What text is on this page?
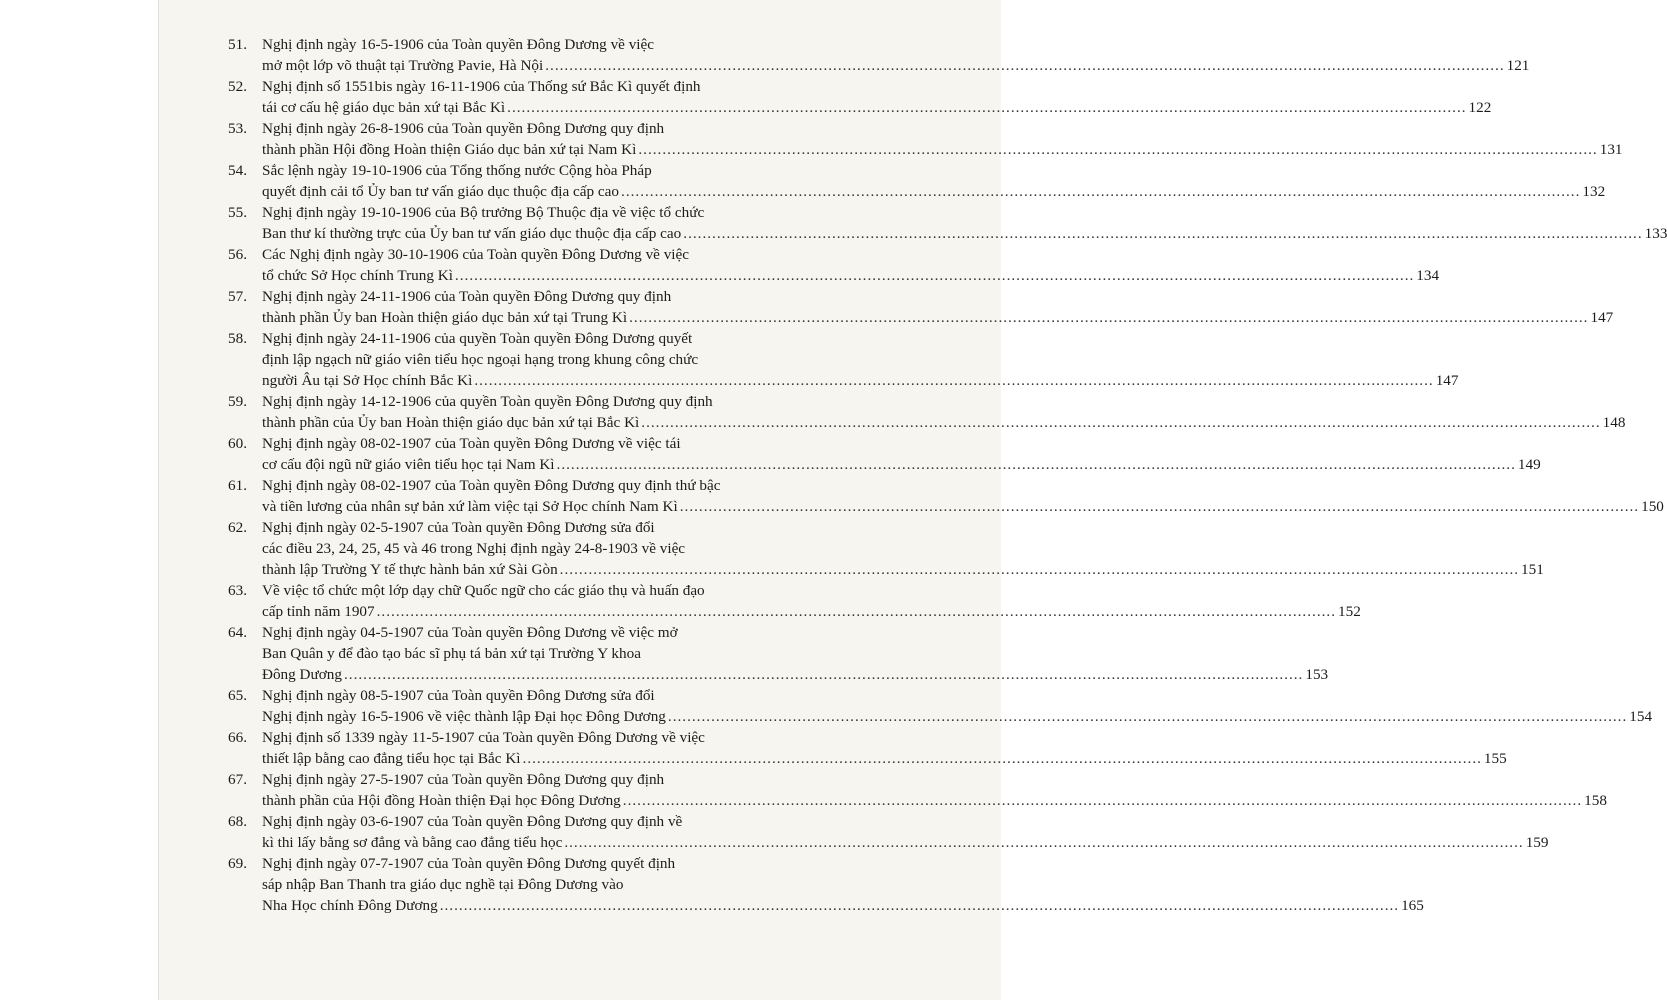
51. Nghị định ngày 16-5-1906 của Toàn quyền Đông Dương về việc
mở một lớp võ thuật tại Trường Pavie, Hà Nội ........................................................................................................................................................................................................ 121
52. Nghị định số 1551bis ngày 16-11-1906 của Thống sứ Bắc Kì quyết định
tái cơ cấu hệ giáo dục bản xứ tại Bắc Kì ........................................................................................................................................................................................................ 122
53. Nghị định ngày 26-8-1906 của Toàn quyền Đông Dương quy định
thành phần Hội đồng Hoàn thiện Giáo dục bản xứ tại Nam Kì ........................................................................................................................................................................................................ 131
54. Sắc lệnh ngày 19-10-1906 của Tổng thống nước Cộng hòa Pháp
quyết định cải tổ Ủy ban tư vấn giáo dục thuộc địa cấp cao ........................................................................................................................................................................................................ 132
55. Nghị định ngày 19-10-1906 của Bộ trưởng Bộ Thuộc địa về việc tổ chức
Ban thư kí thường trực của Ủy ban tư vấn giáo dục thuộc địa cấp cao ........................................................................................................................................................................................................ 133
56. Các Nghị định ngày 30-10-1906 của Toàn quyền Đông Dương về việc
tổ chức Sở Học chính Trung Kì ........................................................................................................................................................................................................ 134
57. Nghị định ngày 24-11-1906 của Toàn quyền Đông Dương quy định
thành phần Ủy ban Hoàn thiện giáo dục bản xứ tại Trung Kì ........................................................................................................................................................................................................ 147
58. Nghị định ngày 24-11-1906 của quyền Toàn quyền Đông Dương quyết
định lập ngạch nữ giáo viên tiểu học ngoại hạng trong khung công chức
người Âu tại Sở Học chính Bắc Kì ........................................................................................................................................................................................................ 147
59. Nghị định ngày 14-12-1906 của quyền Toàn quyền Đông Dương quy định
thành phần của Ủy ban Hoàn thiện giáo dục bản xứ tại Bắc Kì ........................................................................................................................................................................................................ 148
60. Nghị định ngày 08-02-1907 của Toàn quyền Đông Dương về việc tái
cơ cấu đội ngũ nữ giáo viên tiểu học tại Nam Kì ........................................................................................................................................................................................................ 149
61. Nghị định ngày 08-02-1907 của Toàn quyền Đông Dương quy định thứ bậc
và tiền lương của nhân sự bản xứ làm việc tại Sở Học chính Nam Kì ........................................................................................................................................................................................................ 150
62. Nghị định ngày 02-5-1907 của Toàn quyền Đông Dương sửa đổi
các điều 23, 24, 25, 45 và 46 trong Nghị định ngày 24-8-1903 về việc
thành lập Trường Y tế thực hành bản xứ Sài Gòn ........................................................................................................................................................................................................ 151
63. Về việc tổ chức một lớp dạy chữ Quốc ngữ cho các giáo thụ và huấn đạo
cấp tỉnh năm 1907 ........................................................................................................................................................................................................ 152
64. Nghị định ngày 04-5-1907 của Toàn quyền Đông Dương về việc mở
Ban Quân y để đào tạo bác sĩ phụ tá bản xứ tại Trường Y khoa
Đông Dương ........................................................................................................................................................................................................ 153
65. Nghị định ngày 08-5-1907 của Toàn quyền Đông Dương sửa đổi
Nghị định ngày 16-5-1906 về việc thành lập Đại học Đông Dương ........................................................................................................................................................................................................ 154
66. Nghị định số 1339 ngày 11-5-1907 của Toàn quyền Đông Dương về việc
thiết lập bằng cao đẳng tiểu học tại Bắc Kì ........................................................................................................................................................................................................ 155
67. Nghị định ngày 27-5-1907 của Toàn quyền Đông Dương quy định
thành phần của Hội đồng Hoàn thiện Đại học Đông Dương ........................................................................................................................................................................................................ 158
68. Nghị định ngày 03-6-1907 của Toàn quyền Đông Dương quy định về
kì thi lấy bằng sơ đẳng và bằng cao đẳng tiểu học ........................................................................................................................................................................................................ 159
69. Nghị định ngày 07-7-1907 của Toàn quyền Đông Dương quyết định
sáp nhập Ban Thanh tra giáo dục nghề tại Đông Dương vào
Nha Học chính Đông Dương ........................................................................................................................................................................................................ 165
